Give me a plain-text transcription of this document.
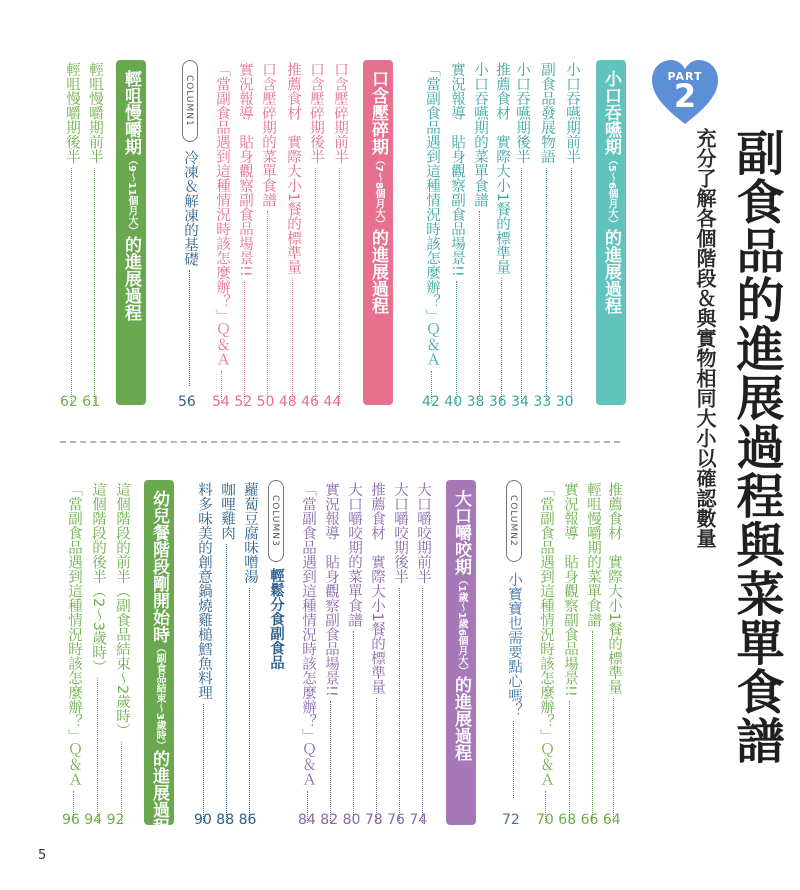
PART
2
副食品的進展過程與菜單食譜
充分了解各個階段＆與實物相同大小以確認數量
小口吞嚥期（5～6個月大）的進展過程
小口吞嚥期前半
副食品發展物語
小口吞嚥期後半
推薦食材　實際大小1餐的標準量
小口吞嚥期的菜單食譜
實況報導　貼身觀察副食品場景!!
「當副食品遇到這種情況時該怎麼辦？」Ｑ＆Ａ
42 40 38 36 34 33 30
口含壓碎期（7～8個月大）的進展過程
口含壓碎期前半
口含壓碎期後半
推薦食材　實際大小1餐的標準量
口含壓碎期的菜單食譜
實況報導　貼身觀察副食品場景!!
「當副食品遇到這種情況時該怎麼辦？」Ｑ＆Ａ
54 52 50 48 46 44
COLUMN1
冷凍＆解凍的基礎
56
輕咀慢嚼期（9～11個月大）的進展過程
輕咀慢嚼期前半
輕咀慢嚼期後半
62 61
推薦食材　實際大小1餐的標準量
輕咀慢嚼期的菜單食譜
實況報導　貼身觀察副食品場景!!
「當副食品遇到這種情況時該怎麼辦？」Ｑ＆Ａ
70 68 66 64
COLUMN2
小寶寶也需要點心嗎？
72
大口嚼咬期（1歲～1歲6個月大）的進展過程
大口嚼咬期前半
大口嚼咬期後半
推薦食材　實際大小1餐的標準量
大口嚼咬期的菜單食譜
實況報導　貼身觀察副食品場景!!
「當副食品遇到這種情況時該怎麼辦？」Ｑ＆Ａ
84 82 80 78 76 74
COLUMN3
輕鬆分食副食品
蘿蔔豆腐味噌湯
咖哩雞肉
料多味美的創意鍋燒雞槌鱈魚料理
90 88 86
幼兒餐階段剛開始時（副食品結束～3歲時）的進展過程
這個階段的前半（副食品結束～2歲時）
這個階段的後半（2～3歲時）
「當副食品遇到這種情況時該怎麼辦？」Ｑ＆Ａ
96 94 92
5
